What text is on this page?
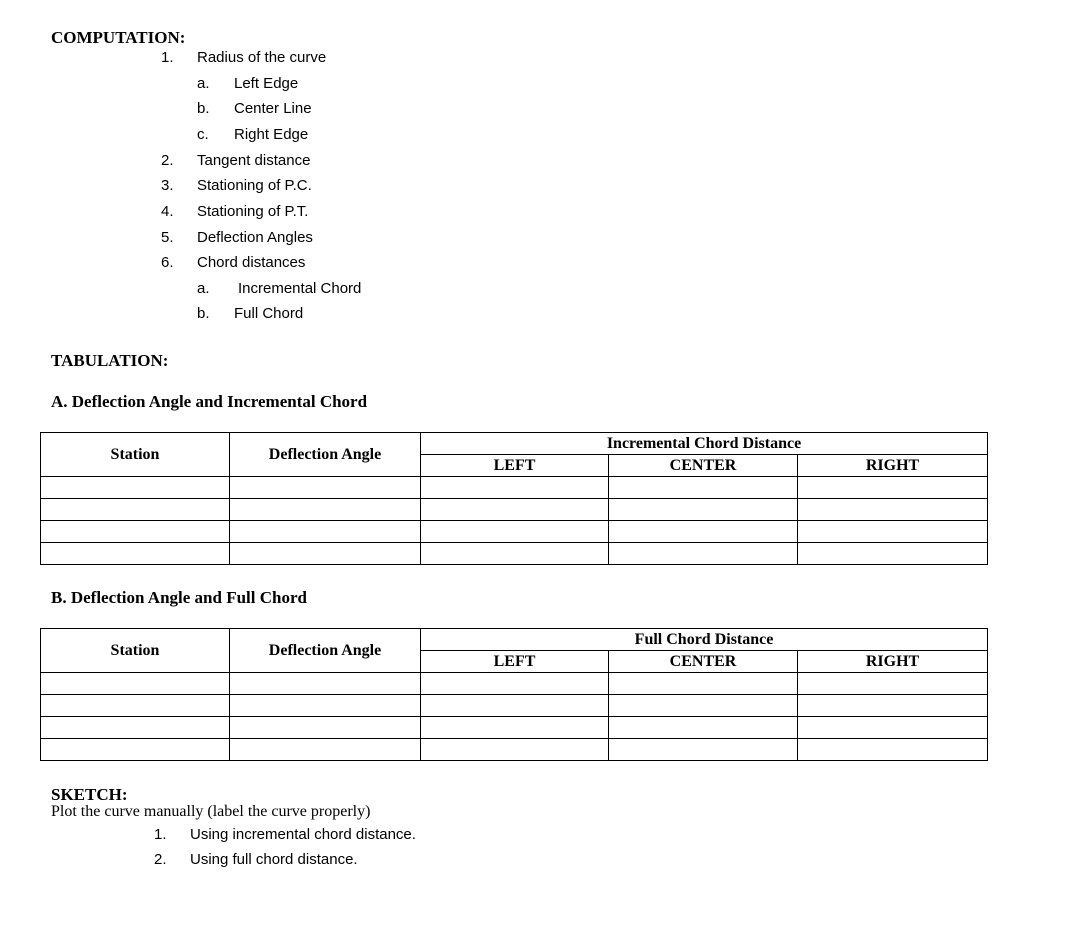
COMPUTATION:
1. Radius of the curve
a. Left Edge
b. Center Line
c. Right Edge
2. Tangent distance
3. Stationing of P.C.
4. Stationing of P.T.
5. Deflection Angles
6. Chord distances
a. Incremental Chord
b. Full Chord
TABULATION:
A. Deflection Angle and Incremental Chord
Station	Deflection Angle	Incremental Chord Distance		
		LEFT	CENTER	RIGHT

B. Deflection Angle and Full Chord
Station	Deflection Angle	Full Chord Distance		
		LEFT	CENTER	RIGHT

SKETCH:
Plot the curve manually (label the curve properly)
1. Using incremental chord distance.
2. Using full chord distance.
